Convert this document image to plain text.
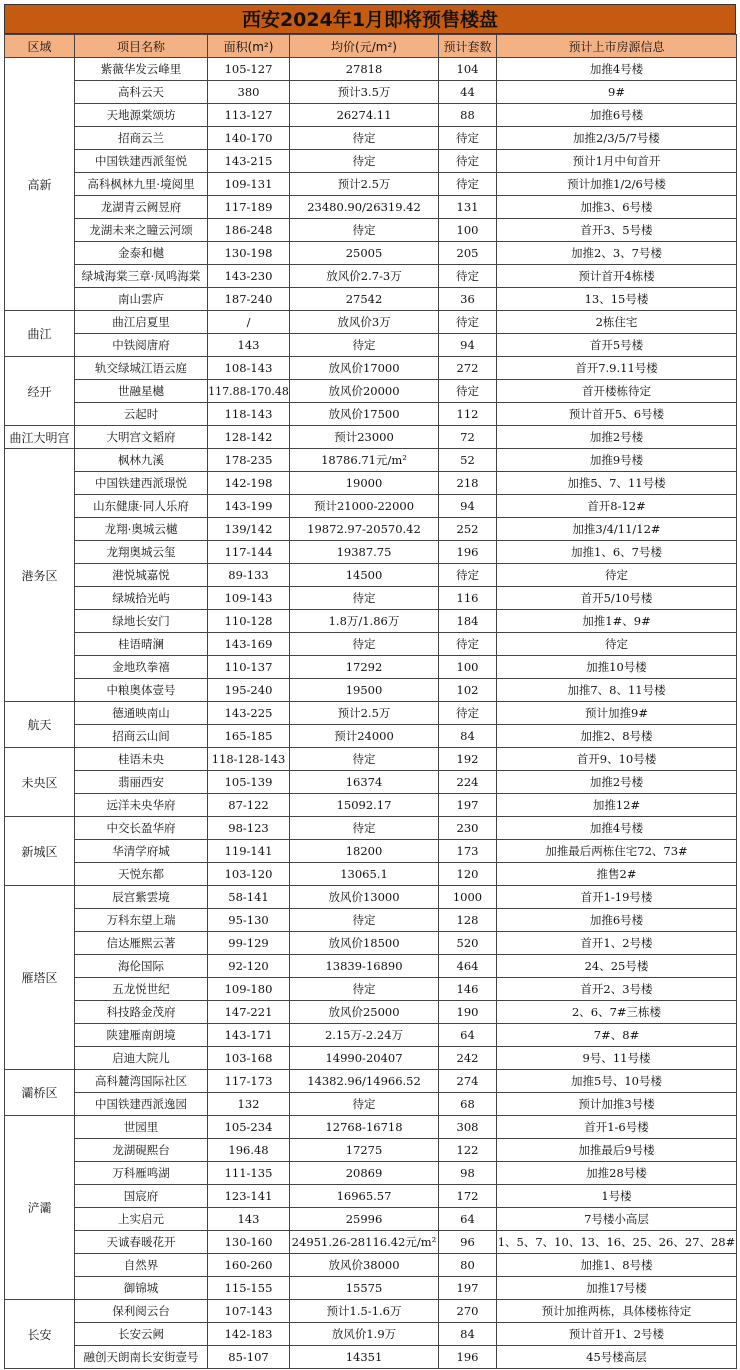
西安2024年1月即将预售楼盘
区域	项目名称	面积(m²)	均价(元/m²)	预计套数	预计上市房源信息
高新	紫薇华发云峰里	105-127	27818	104	加推4号楼
	高科云天	380	预计3.5万	44	9#
	天地源棠颂坊	113-127	26274.11	88	加推6号楼
	招商云兰	140-170	待定	待定	加推2/3/5/7号楼
	中国铁建西派玺悦	143-215	待定	待定	预计1月中旬首开
	高科枫林九里·境阅里	109-131	预计2.5万	待定	预计加推1/2/6号楼
	龙湖青云阙昱府	117-189	23480.90/26319.42	131	加推3、6号楼
	龙湖未来之瞳云河颂	186-248	待定	100	首开3、5号楼
	金泰和樾	130-198	25005	205	加推2、3、7号楼
	绿城海棠三章·凤鸣海棠	143-230	放风价2.7-3万	待定	预计首开4栋楼
	南山雲庐	187-240	27542	36	13、15号楼
曲江	曲江启夏里	/	放风价3万	待定	2栋住宅
	中铁阅唐府	143	待定	94	首开5号楼
经开	轨交绿城江语云庭	108-143	放风价17000	272	首开7.9.11号楼
	世融星樾	117.88-170.48	放风价20000	待定	首开楼栋待定
	云起时	118-143	放风价17500	112	预计首开5、6号楼
曲江大明宫	大明宫文韬府	128-142	预计23000	72	加推2号楼
港务区	枫林九溪	178-235	18786.71元/m²	52	加推9号楼
	中国铁建西派璟悦	142-198	19000	218	加推5、7、11号楼
	山东健康·同人乐府	143-199	预计21000-22000	94	首开8-12#
	龙翔·奥城云樾	139/142	19872.97-20570.42	252	加推3/4/11/12#
	龙翔奥城云玺	117-144	19387.75	196	加推1、6、7号楼
	港悦城嘉悦	89-133	14500	待定	待定
	绿城拾光屿	109-143	待定	116	首开5/10号楼
	绿地长安门	110-128	1.8万/1.86万	184	加推1#、9#
	桂语晴澜	143-169	待定	待定	待定
	金地玖拳禧	110-137	17292	100	加推10号楼
	中粮奥体壹号	195-240	19500	102	加推7、8、11号楼
航天	德通映南山	143-225	预计2.5万	待定	预计加推9#
	招商云山间	165-185	预计24000	84	加推2、8号楼
未央区	桂语未央	118-128-143	待定	192	首开9、10号楼
	翡丽西安	105-139	16374	224	加推2号楼
	远洋未央华府	87-122	15092.17	197	加推12#
新城区	中交长盈华府	98-123	待定	230	加推4号楼
	华清学府城	119-141	18200	173	加推最后两栋住宅72、73#
	天悦东都	103-120	13065.1	120	推售2#
雁塔区	辰宫紫雲境	58-141	放风价13000	1000	首开1-19号楼
	万科东望上瑞	95-130	待定	128	加推6号楼
	信达雁熙云著	99-129	放风价18500	520	首开1、2号楼
	海伦国际	92-120	13839-16890	464	24、25号楼
	五龙悦世纪	109-180	待定	146	首开2、3号楼
	科技路金茂府	147-221	放风价25000	190	2、6、7#三栋楼
	陕建雁南朗境	143-171	2.15万-2.24万	64	7#、8#
	启迪大院儿	103-168	14990-20407	242	9号、11号楼
灞桥区	高科麓湾国际社区	117-173	14382.96/14966.52	274	加推5号、10号楼
	中国铁建西派逸园	132	待定	68	预计加推3号楼
浐灞	世园里	105-234	12768-16718	308	首开1-6号楼
	龙湖硯熙台	196.48	17275	122	加推最后9号楼
	万科雁鸣湖	111-135	20869	98	加推28号楼
	国宸府	123-141	16965.57	172	1号楼
	上实启元	143	25996	64	7号楼小高层
	天诚春暖花开	130-160	24951.26-28116.42元/m²	96	1、5、7、10、13、16、25、26、27、28#
	自然界	160-260	放风价38000	80	加推1、8号楼
	御锦城	115-155	15575	197	加推17号楼
长安	保利阅云台	107-143	预计1.5-1.6万	270	预计加推两栋，具体楼栋待定
	长安云阙	142-183	放风价1.9万	84	预计首开1、2号楼
	融创天朗南长安街壹号	85-107	14351	196	45号楼高层
